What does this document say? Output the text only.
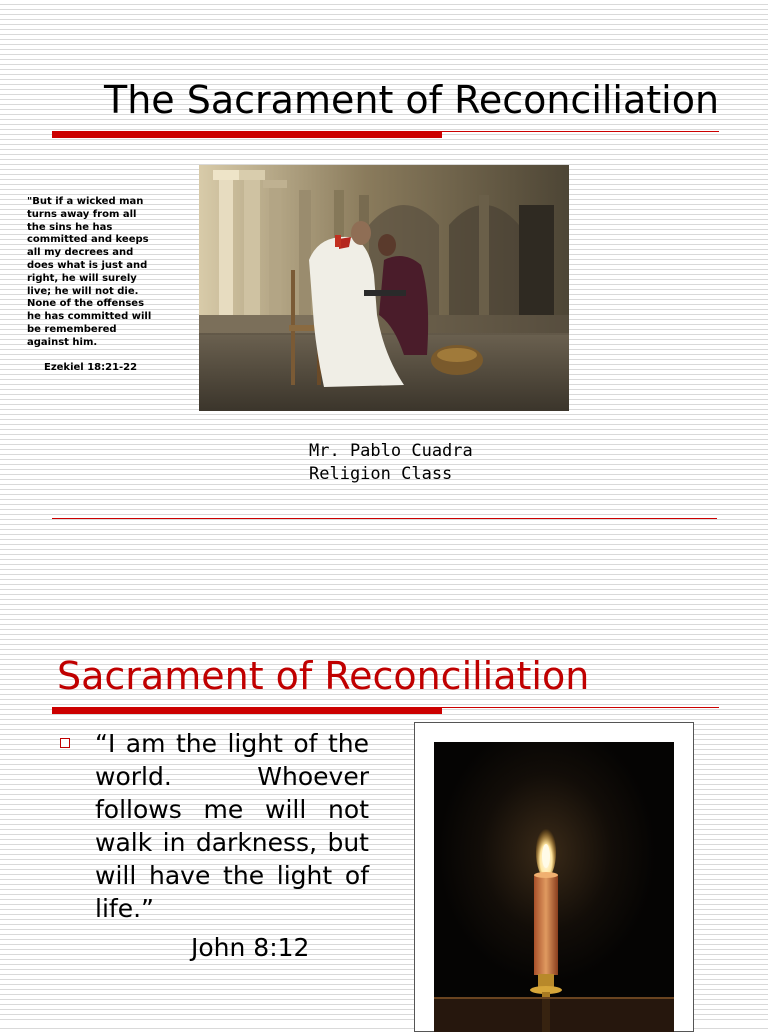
The Sacrament of Reconciliation
"But if a wicked man
turns away from all
the sins he has
committed and keeps
all my decrees and
does what is just and
right, he will surely
live; he will not die.
None of the offenses
he has committed will
be remembered
against him.
Ezekiel 18:21-22
Mr. Pablo Cuadra
Religion Class
Sacrament of Reconciliation
“I am the light of the world. Whoever follows me will not walk in darkness, but will have the light of life.”
John 8:12
